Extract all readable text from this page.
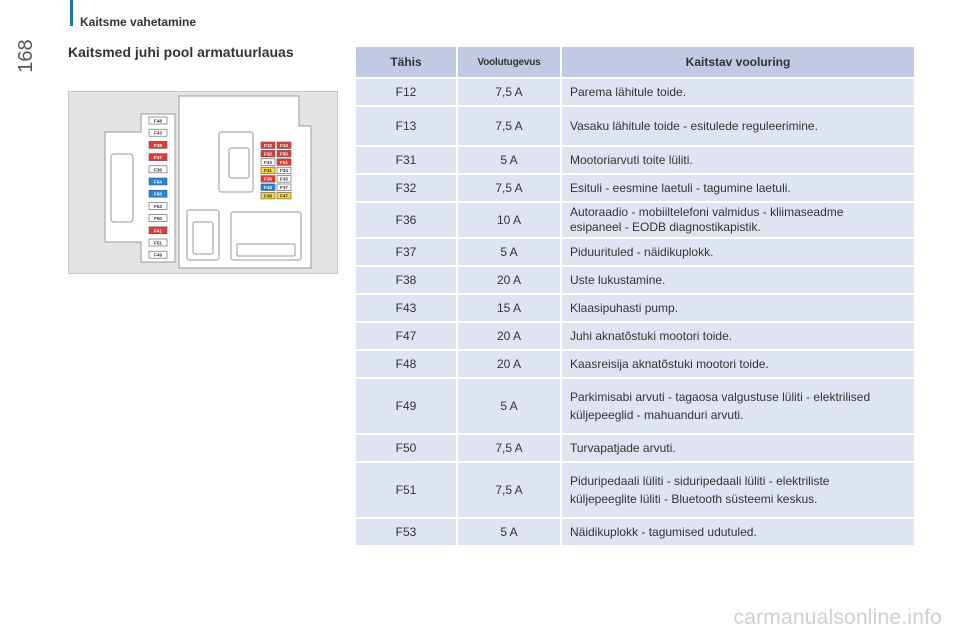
168
Kaitsme vahetamine
Kaitsmed juhi pool armatuurlauas
F48
F43
F38
F37
F36
F64
F66
F53
F50
F41
F51
F49
F12 F13
F32 F50
F33 F51
F31 F34
F36 F35
F43 F37
F38 F47
Tähis	Voolutugevus	Kaitstav vooluring
F12	7,5 A	Parema lähitule toide.

F13	7,5 A	Vasaku lähitule toide - esitulede reguleerimine.

F31	5 A	Mootoriarvuti toite lüliti.

F32	7,5 A	Esituli - eesmine laetuli - tagumine laetuli.

F36	10 A	Autoraadio - mobiiltelefoni valmidus - kliimaseadme
esipaneel - EODB diagnostikapistik.

F37	5 A	Piduurituled - näidikuplokk.

F38	20 A	Uste lukustamine.

F43	15 A	Klaasipuhasti pump.

F47	20 A	Juhi aknatõstuki mootori toide.

F48	20 A	Kaasreisija aknatõstuki mootori toide.

F49	5 A	Parkimisabi arvuti - tagaosa valgustuse lüliti - elektrilised
küljepeeglid - mahuanduri arvuti.

F50	7,5 A	Turvapatjade arvuti.

F51	7,5 A	Piduripedaali lüliti - siduripedaali lüliti - elektriliste
küljepeeglite lüliti - Bluetooth süsteemi keskus.

F53	5 A	Näidikuplokk - tagumised udutuled.
carmanualsonline.info
